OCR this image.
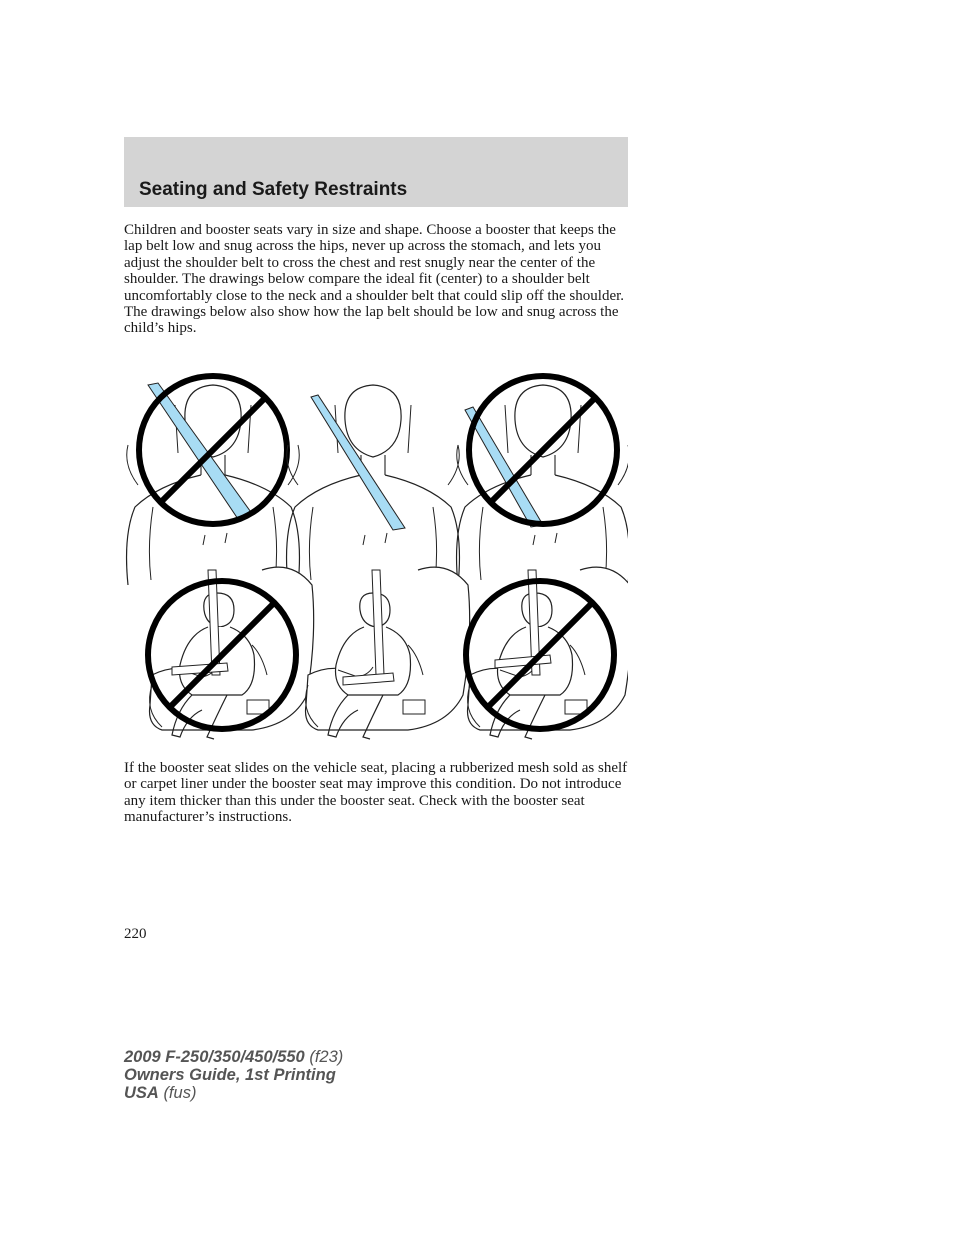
Seating and Safety Restraints

Children and booster seats vary in size and shape. Choose a booster that keeps the lap belt low and snug across the hips, never up across the stomach, and lets you adjust the shoulder belt to cross the chest and rest snugly near the center of the shoulder. The drawings below compare the ideal fit (center) to a shoulder belt uncomfortably close to the neck and a shoulder belt that could slip off the shoulder. The drawings below also show how the lap belt should be low and snug across the child’s hips.

If the booster seat slides on the vehicle seat, placing a rubberized mesh sold as shelf or carpet liner under the booster seat may improve this condition. Do not introduce any item thicker than this under the booster seat. Check with the booster seat manufacturer’s instructions.

220
2009 F-250/350/450/550 (f23)
Owners Guide, 1st Printing
USA (fus)
